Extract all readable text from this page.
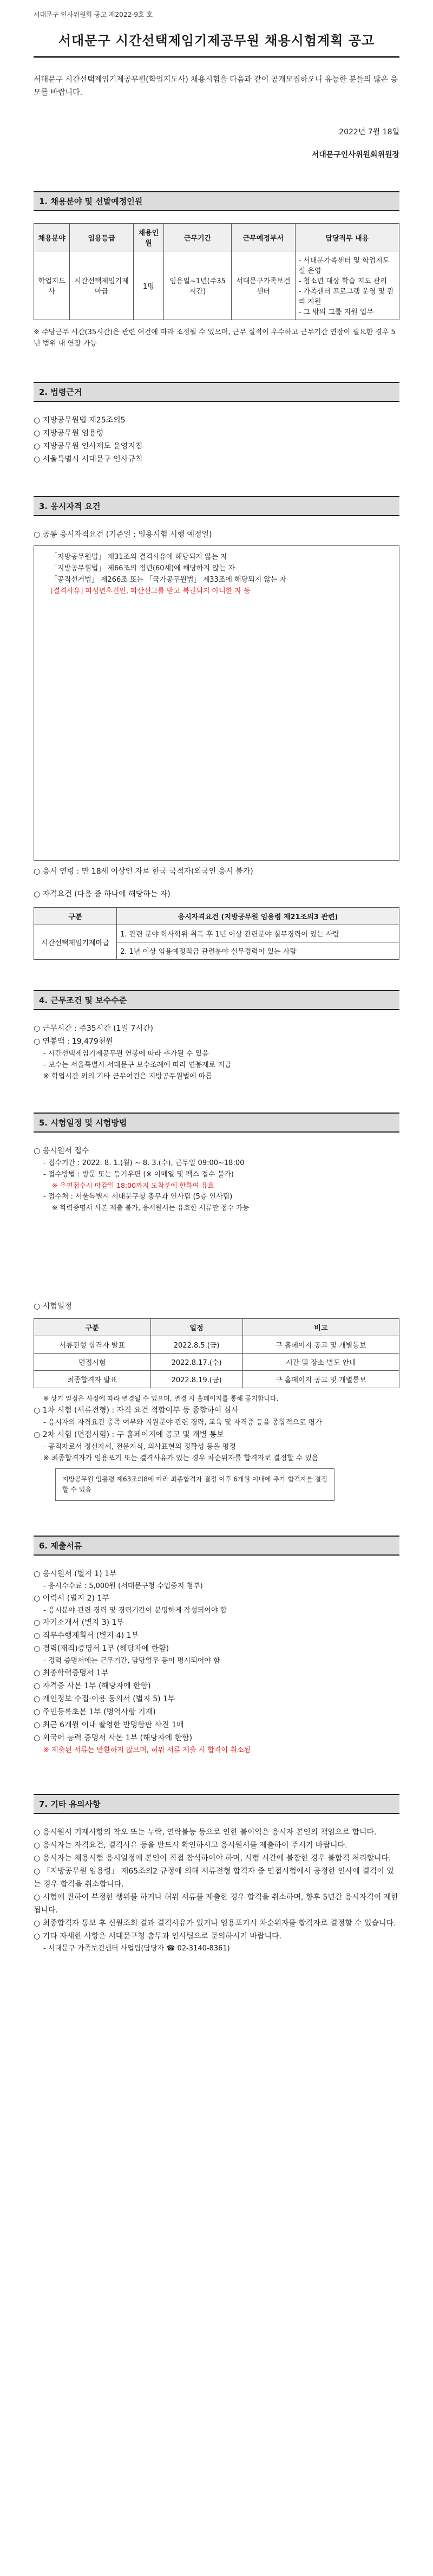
서대문구 인사위원회 공고 제2022-9호 호
서대문구 시간선택제임기제공무원 채용시험계획 공고
서대문구 시간선택제임기제공무원(학업지도사) 채용시험을 다음과 같이 공개모집하오니 유능한 분들의 많은 응모를 바랍니다.
2022년 7월 18일
서대문구인사위원회위원장
1. 채용분야 및 선발예정인원
채용분야	임용등급	채용인원	근무기간	근무예정부서	담당직무 내용
학업지도사	시간선택제임기제마급	1명	임용일~1년(주35시간)	서대문구가족보건센터	- 서대문가족센터 및 학업지도실 운영
- 청소년 대상 학습 지도 관리
- 가족센터 프로그램 운영 및 관리 지원
- 그 밖의 그룹 지원 업무
※ 주당근무 시간(35시간)은 관련 여건에 따라 조정될 수 있으며, 근무 실적이 우수하고 근무기간 연장이 필요한 경우 5년 범위 내 연장 가능
2. 법령근거
○ 지방공무원법 제25조의5
○ 지방공무원 임용령
○ 지방공무원 인사제도 운영지침
○ 서울특별시 서대문구 인사규칙
3. 응시자격 요건
○ 공통 응시자격요건 (기준일 : 임용시험 시행 예정일)
「지방공무원법」 제31조의 결격사유에 해당되지 않는 자
「지방공무원법」 제66조의 정년(60세)에 해당하지 않는 자
「공직선거법」 제266조 또는 「국가공무원법」 제33조에 해당되지 않는 자
[결격사유] 피성년후견인, 파산선고를 받고 복권되지 아니한 자 등
○ 응시 연령 : 만 18세 이상인 자로 한국 국적자(외국인 응시 불가)
○ 자격요건 (다음 중 하나에 해당하는 자)
구분	응시자격요건 (지방공무원 임용령 제21조의3 관련)
시간선택제임기제마급	1. 관련 분야 학사학위 취득 후 1년 이상 관련분야 실무경력이 있는 사람
	2. 1년 이상 임용예정직급 관련분야 실무경력이 있는 사람
4. 근무조건 및 보수수준
○ 근무시간 : 주35시간 (1일 7시간)
○ 연봉액 : 19,479천원
- 시간선택제임기제공무원 연봉에 따라 추가될 수 있음
- 보수는 서울특별시 서대문구 보수조례에 따라 연봉제로 지급
※ 학업시간 외의 기타 근무여건은 지방공무원법에 따름
5. 시험일정 및 시험방법
○ 응시원서 접수
- 접수기간 : 2022. 8. 1.(월) ~ 8. 3.(수), 근무일 09:00~18:00
- 접수방법 : 방문 또는 등기우편 (※ 이메일 및 팩스 접수 불가)
※ 우편접수시 마감일 18:00까지 도착분에 한하여 유효
- 접수처 : 서울특별시 서대문구청 총무과 인사팀 (5층 인사팀)
※ 학력증명서 사본 제출 불가, 응시원서는 유효한 서류만 접수 가능
○ 시험일정
구분	일정	비고
서류전형 합격자 발표	2022.8.5.(금)	구 홈페이지 공고 및 개별통보
면접시험	2022.8.17.(수)	시간 및 장소 별도 안내
최종합격자 발표	2022.8.19.(금)	구 홈페이지 공고 및 개별통보
※ 상기 일정은 사정에 따라 변경될 수 있으며, 변경 시 홈페이지를 통해 공지합니다.
○ 1차 시험 (서류전형) : 자격 요건 적합여부 등 종합하여 심사
- 응시자의 자격요건 충족 여부와 지원분야 관련 경력, 교육 및 자격증 등을 종합적으로 평가
○ 2차 시험 (면접시험) : 구 홈페이지에 공고 및 개별 통보
- 공직자로서 정신자세, 전문지식, 의사표현의 정확성 등을 평정
※ 최종합격자가 임용포기 또는 결격사유가 있는 경우 차순위자를 합격자로 결정할 수 있음
지방공무원 임용령 제63조의8에 따라 최종합격자 결정 이후 6개월 이내에 추가 합격자를 결정할 수 있음
6. 제출서류
○ 응시원서 (별지 1) 1부
- 응시수수료 : 5,000원 (서대문구청 수입증지 첨부)
○ 이력서 (별지 2) 1부
- 응시분야 관련 경력 및 경력기간이 분명하게 작성되어야 함
○ 자기소개서 (별지 3) 1부
○ 직무수행계획서 (별지 4) 1부
○ 경력(재직)증명서 1부 (해당자에 한함)
- 경력 증명서에는 근무기간, 담당업무 등이 명시되어야 함
○ 최종학력증명서 1부
○ 자격증 사본 1부 (해당자에 한함)
○ 개인정보 수집·이용 동의서 (별지 5) 1부
○ 주민등록초본 1부 (병역사항 기재)
○ 최근 6개월 이내 촬영한 반명함판 사진 1매
○ 외국어 능력 증명서 사본 1부 (해당자에 한함)
※ 제출된 서류는 반환하지 않으며, 허위 서류 제출 시 합격이 취소됨
7. 기타 유의사항
○ 응시원서 기재사항의 착오 또는 누락, 연락불능 등으로 인한 불이익은 응시자 본인의 책임으로 합니다.
○ 응시자는 자격요건, 결격사유 등을 반드시 확인하시고 응시원서를 제출하여 주시기 바랍니다.
○ 응시자는 채용시험 응시일정에 본인이 직접 참석하여야 하며, 시험 시간에 불참한 경우 불합격 처리합니다.
○ 「지방공무원 임용령」 제65조의2 규정에 의해 서류전형 합격자 중 면접시험에서 공정한 인사에 결격이 있는 경우 합격을 취소합니다.
○ 시험에 관하여 부정한 행위를 하거나 허위 서류를 제출한 경우 합격을 취소하며, 향후 5년간 응시자격이 제한됩니다.
○ 최종합격자 통보 후 신원조회 결과 결격사유가 있거나 임용포기시 차순위자를 합격자로 결정할 수 있습니다.
○ 기타 자세한 사항은 서대문구청 총무과 인사팀으로 문의하시기 바랍니다.
- 서대문구 가족보건센터 사업팀(담당자 ☎ 02-3140-8361)
